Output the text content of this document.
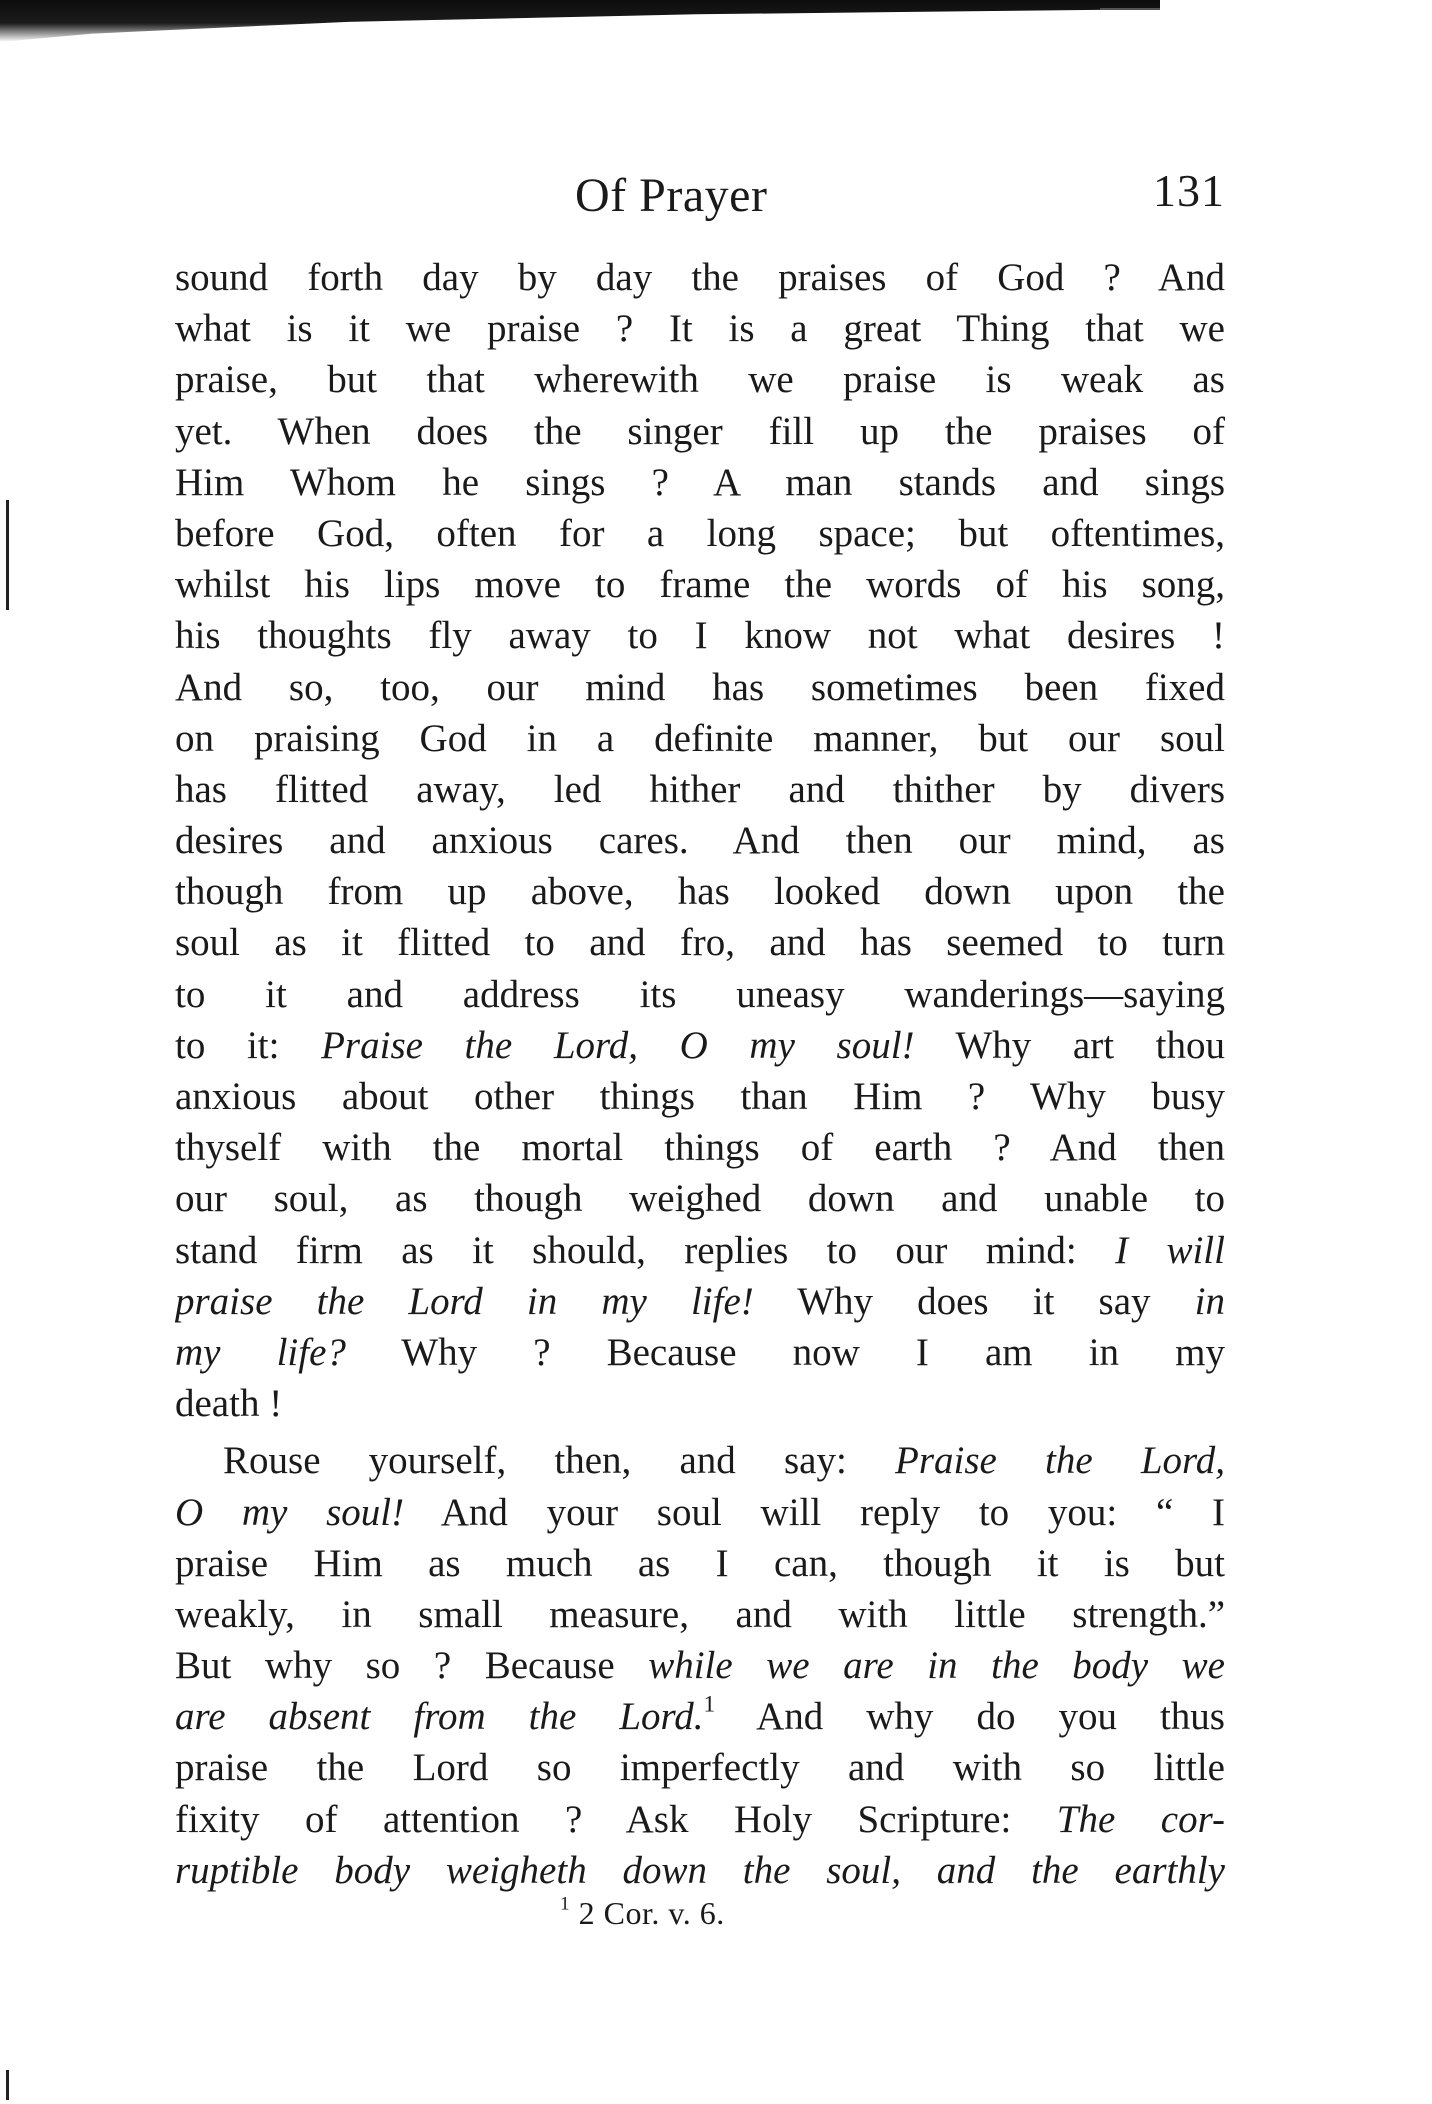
Of Prayer	131
sound forth day by day the praises of God ? And
what is it we praise ? It is a great Thing that we
praise, but that wherewith we praise is weak as
yet. When does the singer fill up the praises of
Him Whom he sings ? A man stands and sings
before God, often for a long space; but oftentimes,
whilst his lips move to frame the words of his song,
his thoughts fly away to I know not what desires !
And so, too, our mind has sometimes been fixed
on praising God in a definite manner, but our soul
has flitted away, led hither and thither by divers
desires and anxious cares. And then our mind, as
though from up above, has looked down upon the
soul as it flitted to and fro, and has seemed to turn
to it and address its uneasy wanderings—saying
to it: Praise the Lord, O my soul! Why art thou
anxious about other things than Him ? Why busy
thyself with the mortal things of earth ? And then
our soul, as though weighed down and unable to
stand firm as it should, replies to our mind: I will
praise the Lord in my life! Why does it say in
my life? Why ? Because now I am in my
death !
Rouse yourself, then, and say: Praise the Lord,
O my soul! And your soul will reply to you: “ I
praise Him as much as I can, though it is but
weakly, in small measure, and with little strength.”
But why so ? Because while we are in the body we
are absent from the Lord.$^1$ And why do you thus
praise the Lord so imperfectly and with so little
fixity of attention ? Ask Holy Scripture: The cor-
ruptible body weigheth down the soul, and the earthly
$^1$ 2 Cor. v. 6.
